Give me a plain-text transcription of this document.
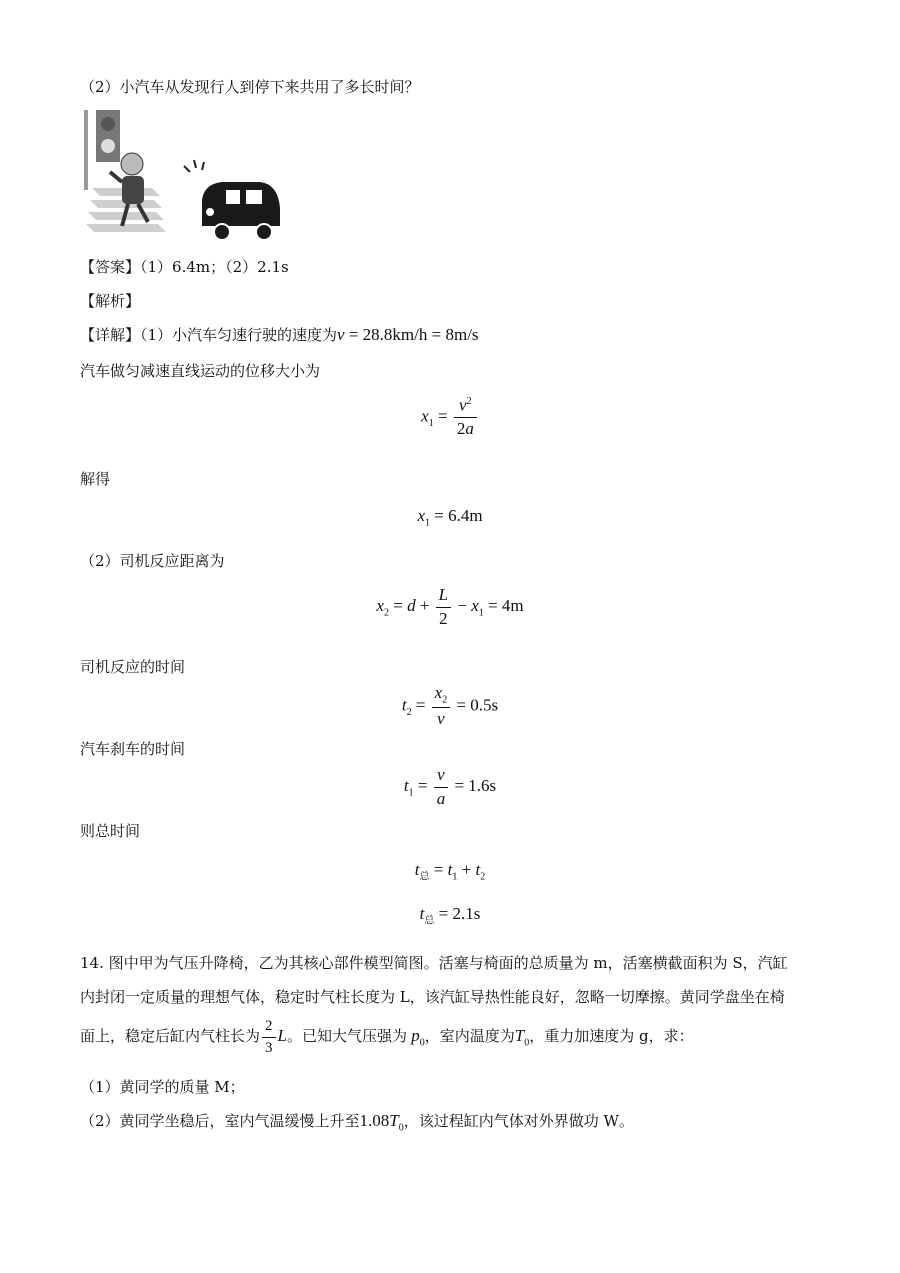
（2）小汽车从发现行人到停下来共用了多长时间？
【答案】（1）6.4m；（2）2.1s
【解析】
【详解】（1）小汽车匀速行驶的速度为v = 28.8km/h = 8m/s
汽车做匀减速直线运动的位移大小为
$x_1 = \frac{v^2}{2a}$
解得
$x_1 = 6.4m$
（2）司机反应距离为
$x_2 = d + \frac{L}{2} - x_1 = 4m$
司机反应的时间
$t_2 = \frac{x_2}{v} = 0.5s$
汽车刹车的时间
$t_1 = \frac{v}{a} = 1.6s$
则总时间
$t_总 = t_1 + t_2$
$t_总 = 2.1s$
14. 图中甲为气压升降椅，乙为其核心部件模型简图。活塞与椅面的总质量为 m，活塞横截面积为 S，汽缸
内封闭一定质量的理想气体，稳定时气柱长度为 L，该汽缸导热性能良好，忽略一切摩擦。黄同学盘坐在椅
面上，稳定后缸内气柱长为 $\frac{2}{3}$ L。已知大气压强为 $p_0$，室内温度为$T_0$，重力加速度为 g，求：
（1）黄同学的质量 M；
（2）黄同学坐稳后，室内气温缓慢上升至$1.08T_0$，该过程缸内气体对外界做功 W。
